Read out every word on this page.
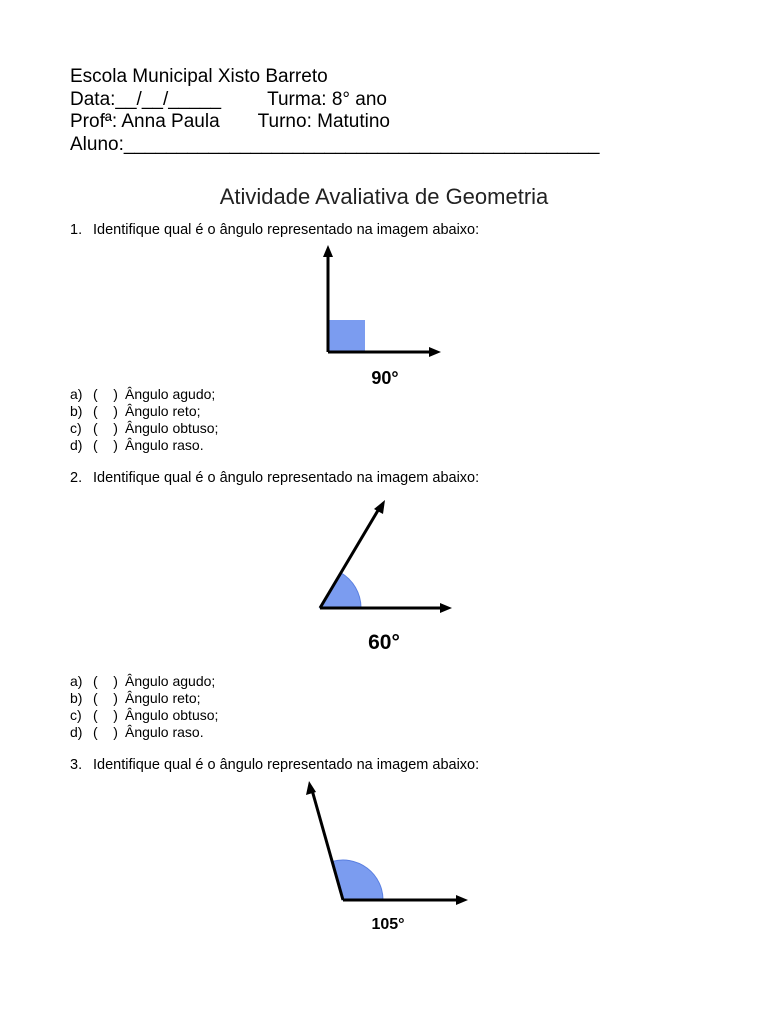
Escola Municipal Xisto Barreto
Data:__/__/_____ Turma: 8° ano
Profª: Anna Paula Turno: Matutino
Aluno:_____________________________________________
Atividade Avaliativa de Geometria
1. Identifique qual é o ângulo representado na imagem abaixo:
90°
a) (    ) Ângulo agudo;
b) (    ) Ângulo reto;
c) (    ) Ângulo obtuso;
d) (    ) Ângulo raso.
2. Identifique qual é o ângulo representado na imagem abaixo:
60°
a) (    ) Ângulo agudo;
b) (    ) Ângulo reto;
c) (    ) Ângulo obtuso;
d) (    ) Ângulo raso.
3. Identifique qual é o ângulo representado na imagem abaixo:
105°
